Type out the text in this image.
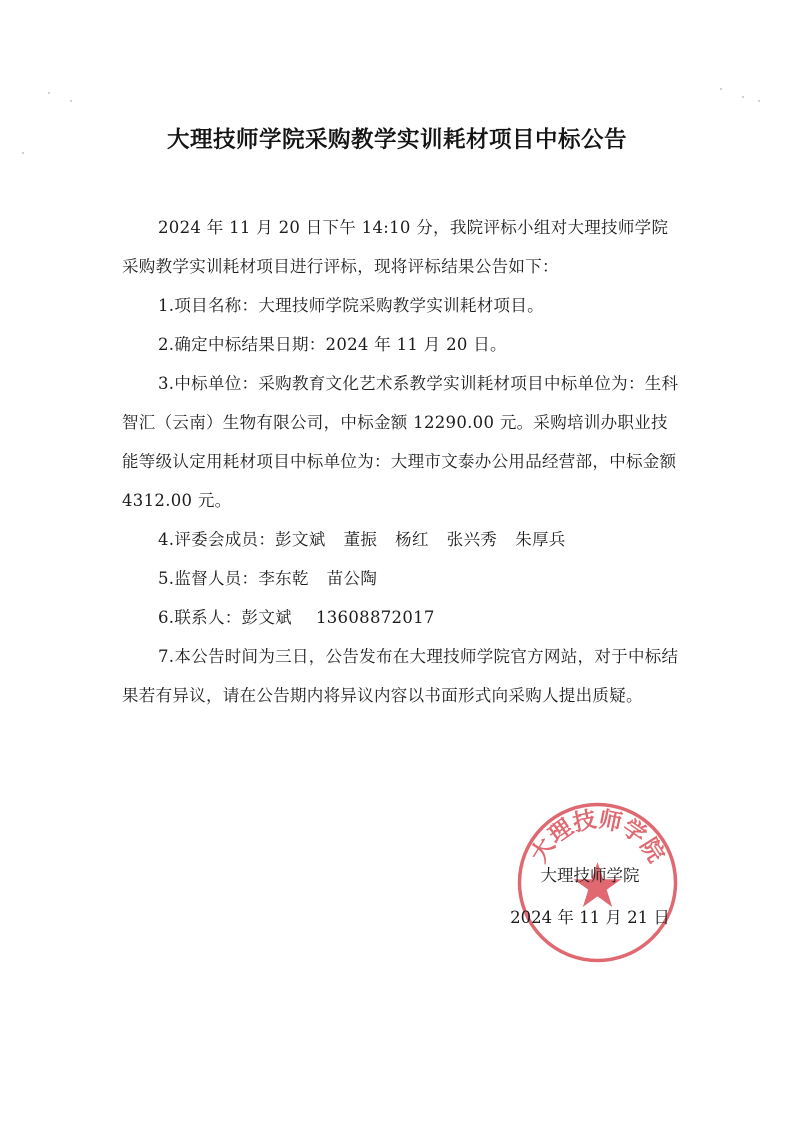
大理技师学院采购教学实训耗材项目中标公告

2024 年 11 月 20 日下午 14:10 分，我院评标小组对大理技师学院采购教学实训耗材项目进行评标，现将评标结果公告如下：

1.项目名称：大理技师学院采购教学实训耗材项目。

2.确定中标结果日期：2024 年 11 月 20 日。

3.中标单位：采购教育文化艺术系教学实训耗材项目中标单位为：生科智汇（云南）生物有限公司，中标金额 12290.00 元。采购培训办职业技能等级认定用耗材项目中标单位为：大理市文泰办公用品经营部，中标金额 4312.00 元。

4.评委会成员：彭文斌 董振 杨红 张兴秀 朱厚兵

5.监督人员：李东乾 苗公陶

6.联系人：彭文斌 13608872017

7.本公告时间为三日，公告发布在大理技师学院官方网站，对于中标结果若有异议，请在公告期内将异议内容以书面形式向采购人提出质疑。

大理技师学院
大理技师学院
2024 年 11 月 21 日
